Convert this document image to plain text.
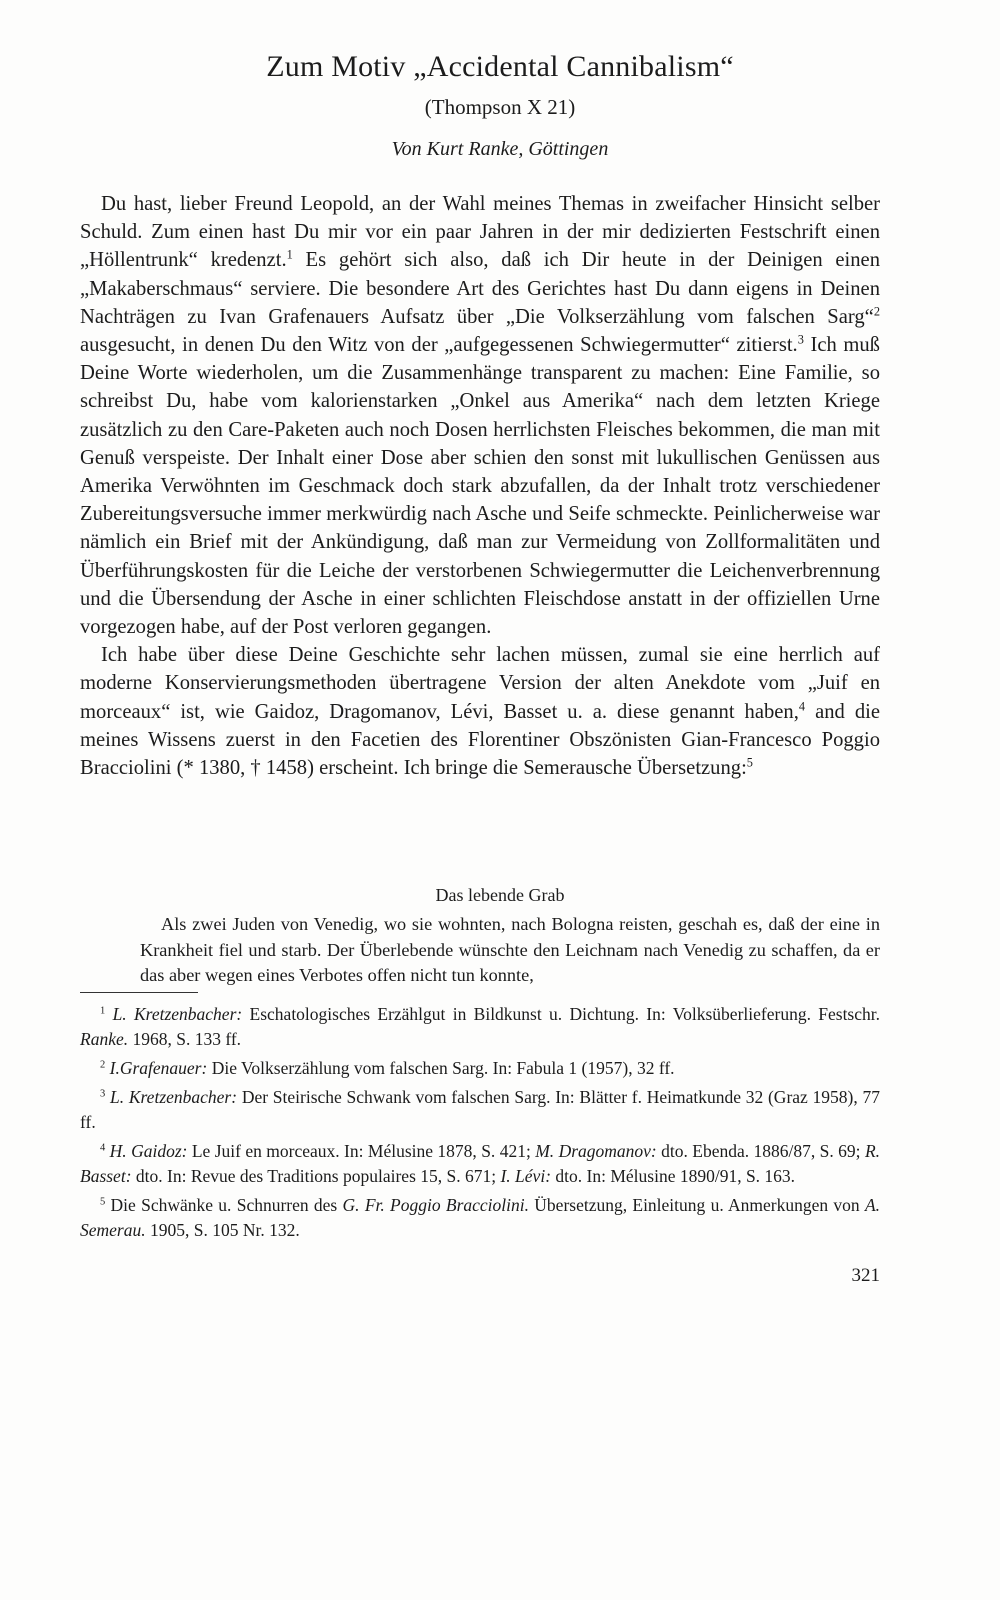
Zum Motiv „Accidental Cannibalism“
(Thompson X 21)
Von Kurt Ranke, Göttingen

Du hast, lieber Freund Leopold, an der Wahl meines Themas in zweifacher Hinsicht selber Schuld. Zum einen hast Du mir vor ein paar Jahren in der mir dedizierten Festschrift einen „Höllentrunk“ kredenzt.$^1$ Es gehört sich also, daß ich Dir heute in der Deinigen einen „Makaberschmaus“ serviere. Die besondere Art des Gerichtes hast Du dann eigens in Deinen Nachträgen zu Ivan Grafenauers Aufsatz über „Die Volkserzählung vom falschen Sarg“$^2$ ausgesucht, in denen Du den Witz von der „aufgegessenen Schwiegermutter“ zitierst.$^3$ Ich muß Deine Worte wiederholen, um die Zusammenhänge transparent zu machen: Eine Familie, so schreibst Du, habe vom kalorienstarken „Onkel aus Amerika“ nach dem letzten Kriege zusätzlich zu den Care-Paketen auch noch Dosen herrlichsten Fleisches bekommen, die man mit Genuß verspeiste. Der Inhalt einer Dose aber schien den sonst mit lukullischen Genüssen aus Amerika Verwöhnten im Geschmack doch stark abzufallen, da der Inhalt trotz verschiedener Zubereitungsversuche immer merkwürdig nach Asche und Seife schmeckte. Peinlicherweise war nämlich ein Brief mit der Ankündigung, daß man zur Vermeidung von Zollformalitäten und Überführungskosten für die Leiche der verstorbenen Schwiegermutter die Leichenverbrennung und die Übersendung der Asche in einer schlichten Fleischdose anstatt in der offiziellen Urne vorgezogen habe, auf der Post verloren gegangen.

Ich habe über diese Deine Geschichte sehr lachen müssen, zumal sie eine herrlich auf moderne Konservierungsmethoden übertragene Version der alten Anekdote vom „Juif en morceaux“ ist, wie Gaidoz, Dragomanov, Lévi, Basset u. a. diese genannt haben,$^4$ and die meines Wissens zuerst in den Facetien des Florentiner Obszönisten Gian-Francesco Poggio Bracciolini (* 1380, † 1458) erscheint. Ich bringe die Semerausche Übersetzung:$^5$

Das lebende Grab

Als zwei Juden von Venedig, wo sie wohnten, nach Bologna reisten, geschah es, daß der eine in Krankheit fiel und starb. Der Überlebende wünschte den Leichnam nach Venedig zu schaffen, da er das aber wegen eines Verbotes offen nicht tun konnte,

$^1$ L. Kretzenbacher: Eschatologisches Erzählgut in Bildkunst u. Dichtung. In: Volksüberlieferung. Festschr. Ranke. 1968, S. 133 ff.

$^2$ I.Grafenauer: Die Volkserzählung vom falschen Sarg. In: Fabula 1 (1957), 32 ff.

$^3$ L. Kretzenbacher: Der Steirische Schwank vom falschen Sarg. In: Blätter f. Heimatkunde 32 (Graz 1958), 77 ff.

$^4$ H. Gaidoz: Le Juif en morceaux. In: Mélusine 1878, S. 421; M. Dragomanov: dto. Ebenda. 1886/87, S. 69; R. Basset: dto. In: Revue des Traditions populaires 15, S. 671; I. Lévi: dto. In: Mélusine 1890/91, S. 163.

$^5$ Die Schwänke u. Schnurren des G. Fr. Poggio Bracciolini. Übersetzung, Einleitung u. Anmerkungen von A. Semerau. 1905, S. 105 Nr. 132.

321
